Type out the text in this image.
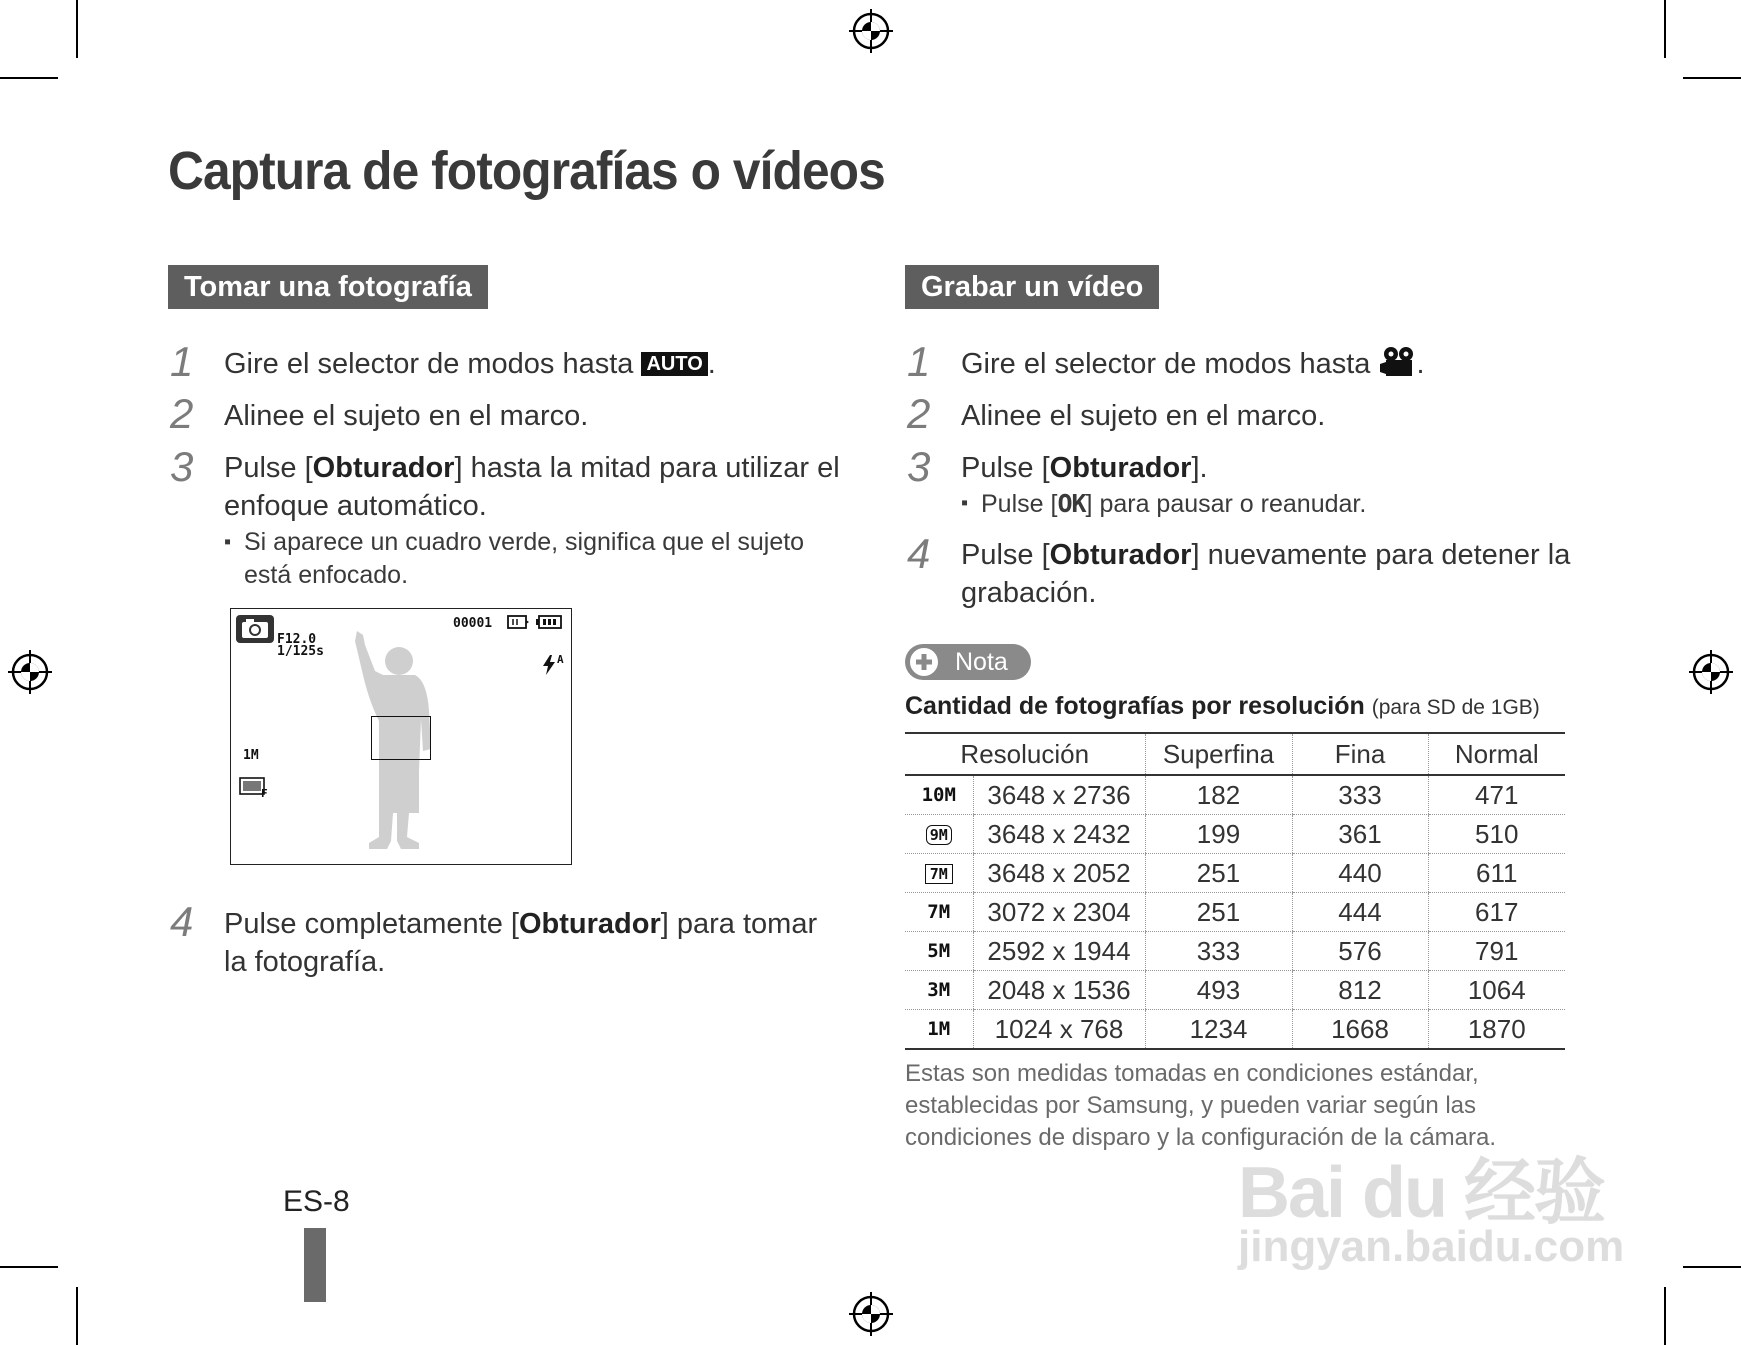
Captura de fotografías o vídeos
Tomar una fotografía
1 Gire el selector de modos hasta AUTO .
2 Alinee el sujeto en el marco.
3 Pulse [Obturador] hasta la mitad para utilizar el
enfoque automático.
▪ Si aparece un cuadro verde, significa que el sujeto
está enfocado.
F12.0
1/125s
00001
A
1M
F
4 Pulse completamente [Obturador] para tomar
la fotografía.
Grabar un vídeo
1 Gire el selector de modos hasta .
2 Alinee el sujeto en el marco.
3 Pulse [Obturador].
▪ Pulse [OK] para pausar o reanudar.
4 Pulse [Obturador] nuevamente para detener la
grabación.
Nota
Cantidad de fotografías por resolución (para SD de 1GB)
Resolución		Superfina	Fina	Normal
10M	3648 x 2736	182	333	471
9M	3648 x 2432	199	361	510
7M	3648 x 2052	251	440	611
7M	3072 x 2304	251	444	617
5M	2592 x 1944	333	576	791
3M	2048 x 1536	493	812	1064
1M	1024 x 768	1234	1668	1870
Estas son medidas tomadas en condiciones estándar,
establecidas por Samsung, y pueden variar según las
condiciones de disparo y la configuración de la cámara.
Bai du 经验
jingyan.baidu.com
ES-8
